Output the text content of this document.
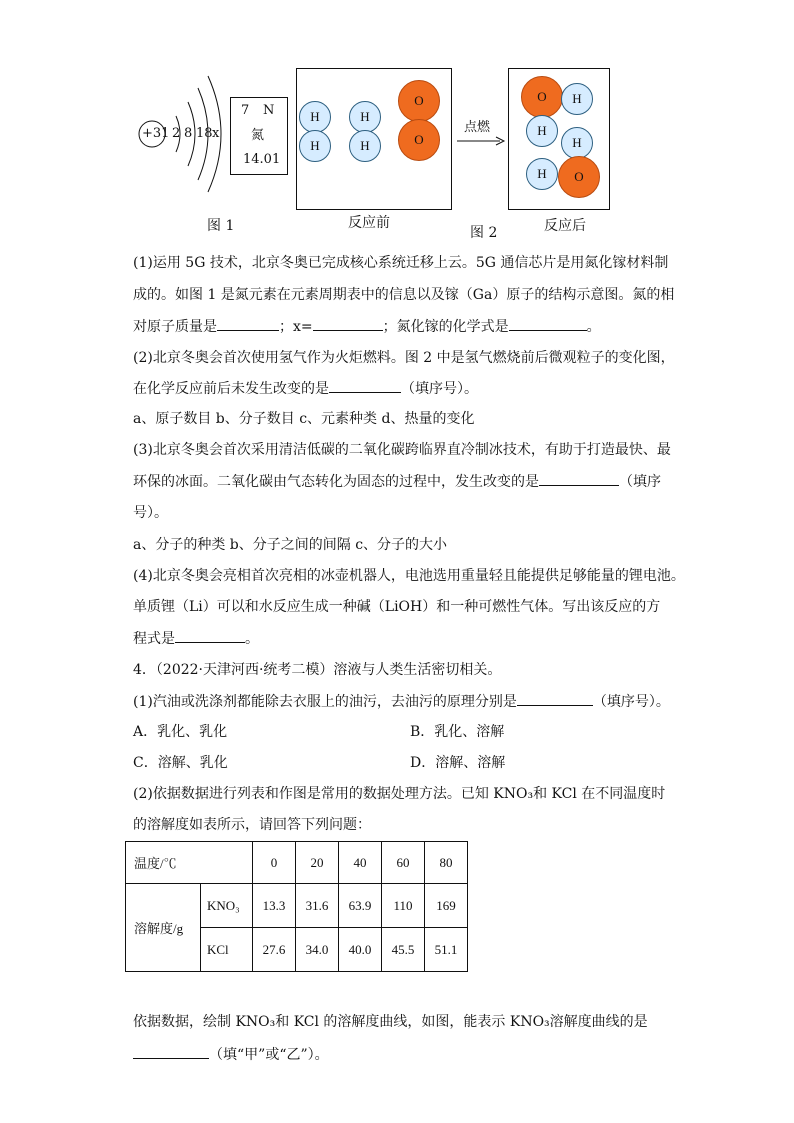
+31 2 8 18 x
7 N
氮
14.01
图 1
H
H
H
H
O
O
反应前
点燃
图 2
O	H
H
H
H	O
反应后
(1)运用 5G 技术，北京冬奥已完成核心系统迁移上云。5G 通信芯片是用氮化镓材料制
成的。如图 1 是氮元素在元素周期表中的信息以及镓（Ga）原子的结构示意图。氮的相
对原子质量是	；x=	；氮化镓的化学式是	。
(2)北京冬奥会首次使用氢气作为火炬燃料。图 2 中是氢气燃烧前后微观粒子的变化图，
在化学反应前后未发生改变的是	（填序号）。
a、原子数目 b、分子数目 c、元素种类 d、热量的变化
(3)北京冬奥会首次采用清洁低碳的二氧化碳跨临界直冷制冰技术，有助于打造最快、最
环保的冰面。二氧化碳由气态转化为固态的过程中，发生改变的是	（填序
号）。
a、分子的种类 b、分子之间的间隔 c、分子的大小
(4)北京冬奥会亮相首次亮相的冰壶机器人，电池选用重量轻且能提供足够能量的锂电池。
单质锂（Li）可以和水反应生成一种碱（LiOH）和一种可燃性气体。写出该反应的方
程式是	。
4．（2022·天津河西·统考二模）溶液与人类生活密切相关。
(1)汽油或洗涤剂都能除去衣服上的油污，去油污的原理分别是	（填序号）。
A．乳化、乳化	B．乳化、溶解
C．溶解、乳化	D．溶解、溶解
(2)依据数据进行列表和作图是常用的数据处理方法。已知 KNO₃和 KCl 在不同温度时
的溶解度如表所示，请回答下列问题：
温度/℃		0	20	40	60	80
溶解度/g	KNO₃	13.3	31.6	63.9	110	169
	KCl	27.6	34.0	40.0	45.5	51.1
依据数据，绘制 KNO₃和 KCl 的溶解度曲线，如图，能表示 KNO₃溶解度曲线的是
（填“甲”或“乙”）。
